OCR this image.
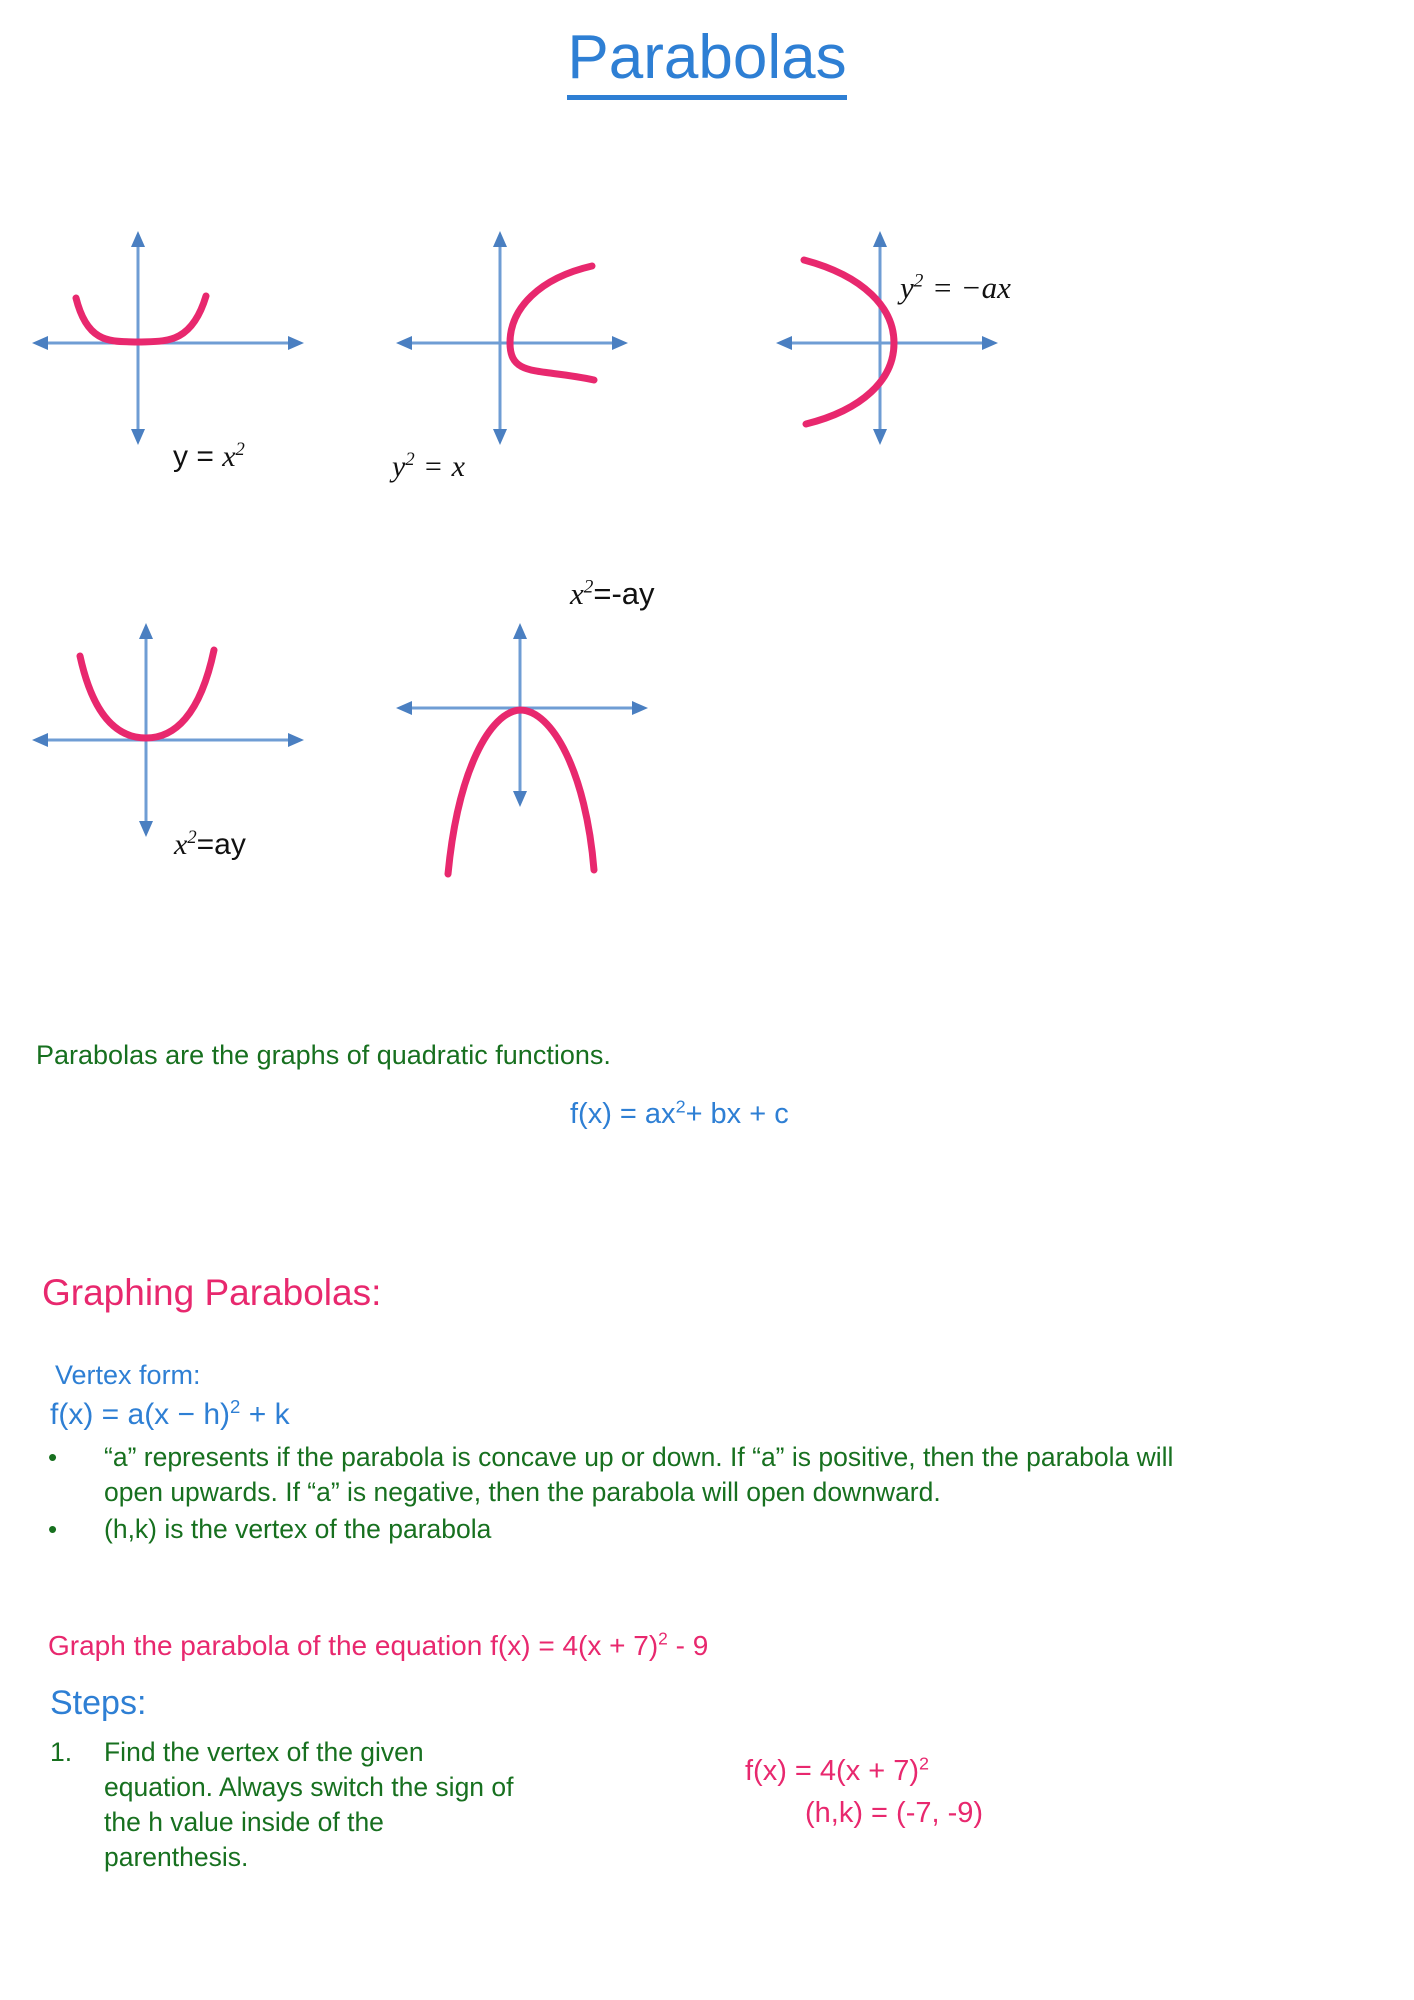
Parabolas
$y = x^2$
$y^2 = x$
$y^2 = -ax$
$x^2=ay$
$x^2=-ay$
Parabolas are the graphs of quadratic functions.
$f(x) = ax^2+$ bx + c
Graphing Parabolas:
Vertex form:
$f(x) = a(x - h)^2 + k$
• “a” represents if the parabola is concave up or down. If “a” is positive, then the parabola will open upwards. If “a” is negative, then the parabola will open downward.
• (h,k) is the vertex of the parabola
Graph the parabola of the equation $f(x) = 4(x + 7)^2 - 9$
Steps:
1. Find the vertex of the given equation. Always switch the sign of the h value inside of the parenthesis.
$f(x) = 4(x + 7)^2$
(h,k) = (-7, -9)
